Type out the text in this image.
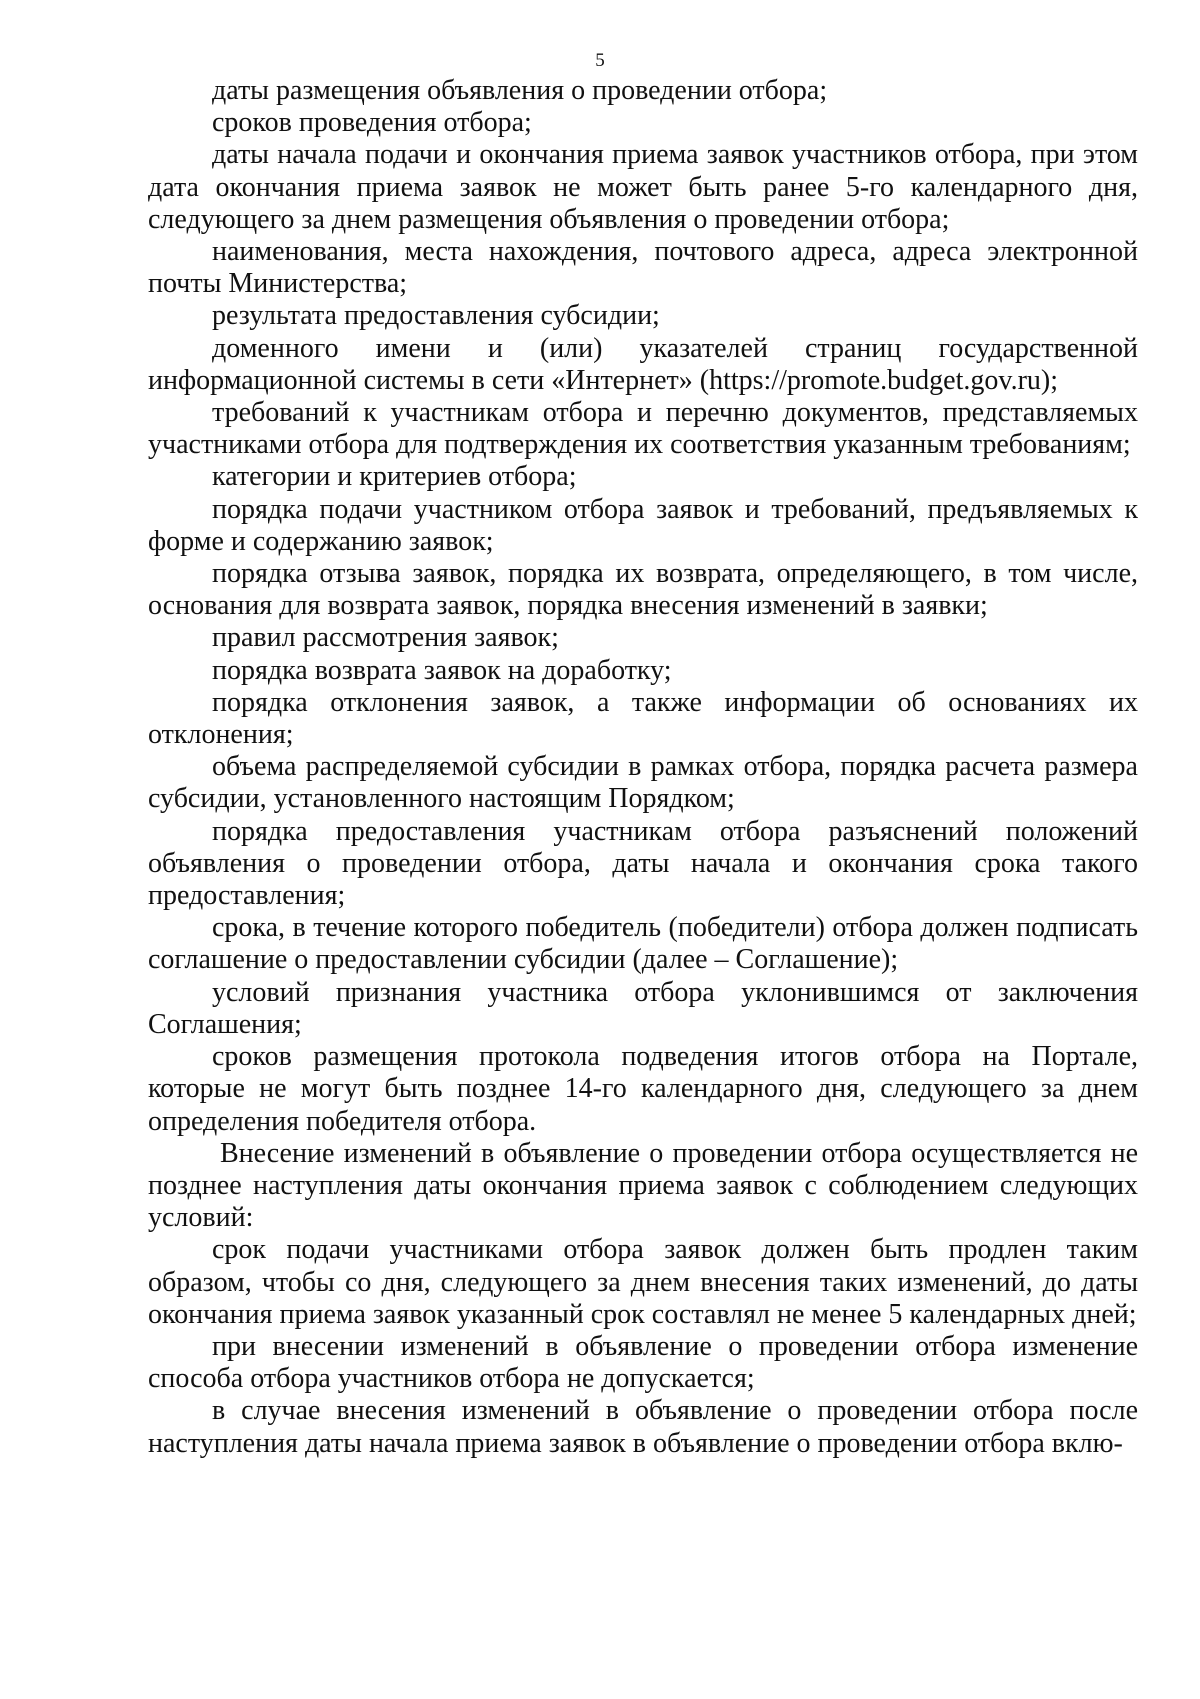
5

даты размещения объявления о проведении отбора;

сроков проведения отбора;

даты начала подачи и окончания приема заявок участников отбора, при этом дата окончания приема заявок не может быть ранее 5-го календарного дня, следующего за днем размещения объявления о проведении отбора;

наименования, места нахождения, почтового адреса, адреса электронной почты Министерства;

результата предоставления субсидии;

доменного имени и (или) указателей страниц государственной информационной системы в сети «Интернет» (https://promote.budget.gov.ru);

требований к участникам отбора и перечню документов, представляемых участниками отбора для подтверждения их соответствия указанным требованиям;

категории и критериев отбора;

порядка подачи участником отбора заявок и требований, предъявляемых к форме и содержанию заявок;

порядка отзыва заявок, порядка их возврата, определяющего, в том числе, основания для возврата заявок, порядка внесения изменений в заявки;

правил рассмотрения заявок;

порядка возврата заявок на доработку;

порядка отклонения заявок, а также информации об основаниях их отклонения;

объема распределяемой субсидии в рамках отбора, порядка расчета размера субсидии, установленного настоящим Порядком;

порядка предоставления участникам отбора разъяснений положений объявления о проведении отбора, даты начала и окончания срока такого предоставления;

срока, в течение которого победитель (победители) отбора должен подписать соглашение о предоставлении субсидии (далее – Соглашение);

условий признания участника отбора уклонившимся от заключения Соглашения;

сроков размещения протокола подведения итогов отбора на Портале, которые не могут быть позднее 14-го календарного дня, следующего за днем определения победителя отбора.

Внесение изменений в объявление о проведении отбора осуществляется не позднее наступления даты окончания приема заявок с соблюдением следующих условий:

срок подачи участниками отбора заявок должен быть продлен таким образом, чтобы со дня, следующего за днем внесения таких изменений, до даты окончания приема заявок указанный срок составлял не менее 5 календарных дней;

при внесении изменений в объявление о проведении отбора изменение способа отбора участников отбора не допускается;

в случае внесения изменений в объявление о проведении отбора после наступления даты начала приема заявок в объявление о проведении отбора вклю-
